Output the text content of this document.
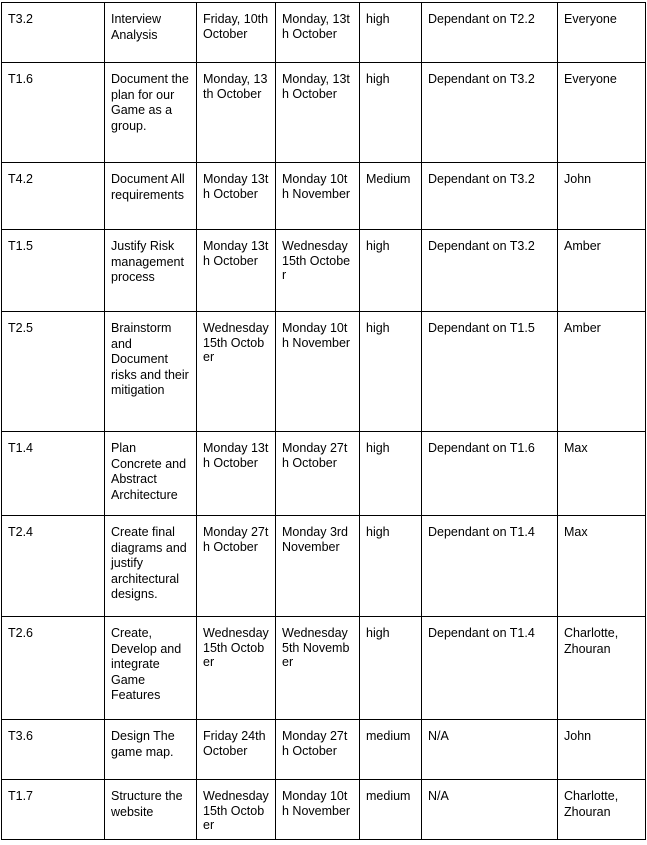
T3.2	Interview Analysis	Friday, 10th October	Monday, 13th October	high	Dependant on T2.2	Everyone
T1.6	Document the plan for our Game as a group.	Monday, 13th October	Monday, 13th October	high	Dependant on T3.2	Everyone
T4.2	Document All requirements	Monday 13th October	Monday 10th November	Medium	Dependant on T3.2	John
T1.5	Justify Risk management process	Monday 13th October	Wednesday 15th October	high	Dependant on T3.2	Amber
T2.5	Brainstorm and Document risks and their mitigation	Wednesday 15th October	Monday 10th November	high	Dependant on T1.5	Amber
T1.4	Plan Concrete and Abstract Architecture	Monday 13th October	Monday 27th October	high	Dependant on T1.6	Max
T2.4	Create final diagrams and justify architectural designs.	Monday 27th October	Monday 3rd November	high	Dependant on T1.4	Max
T2.6	Create, Develop and integrate Game Features	Wednesday 15th October	Wednesday 5th November	high	Dependant on T1.4	Charlotte, Zhouran
T3.6	Design The game map.	Friday 24th October	Monday 27th October	medium	N/A	John
T1.7	Structure the website	Wednesday 15th October	Monday 10th November	medium	N/A	Charlotte, Zhouran
